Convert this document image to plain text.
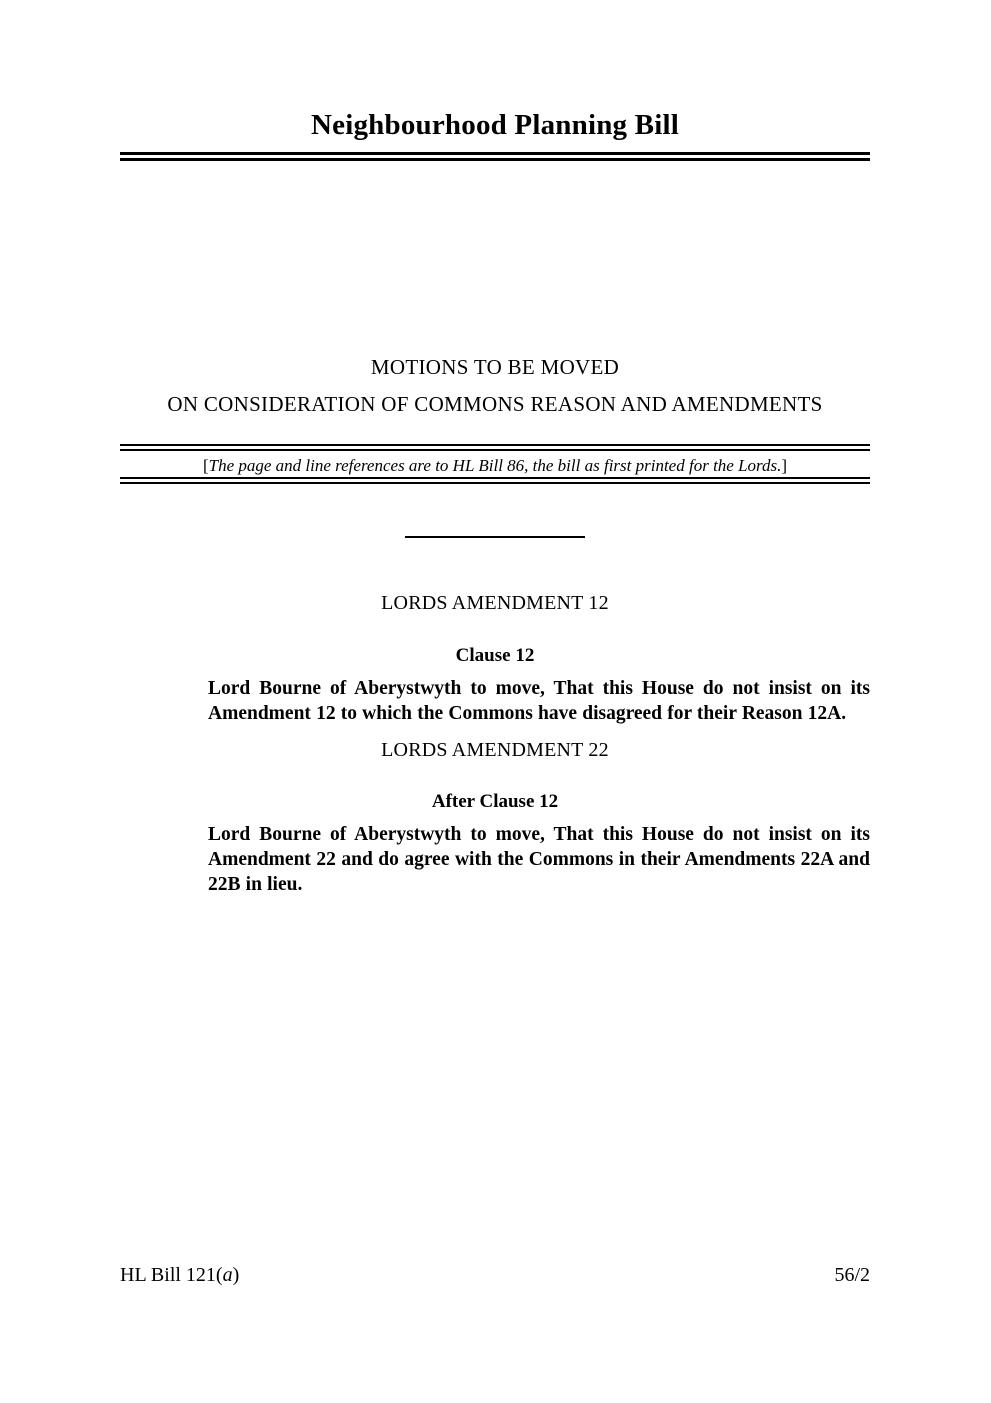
Neighbourhood Planning Bill
MOTIONS TO BE MOVED
ON CONSIDERATION OF COMMONS REASON AND AMENDMENTS
[The page and line references are to HL Bill 86, the bill as first printed for the Lords.]
LORDS AMENDMENT 12
Clause 12
Lord Bourne of Aberystwyth to move, That this House do not insist on its Amendment 12 to which the Commons have disagreed for their Reason 12A.
LORDS AMENDMENT 22
After Clause 12
Lord Bourne of Aberystwyth to move, That this House do not insist on its Amendment 22 and do agree with the Commons in their Amendments 22A and 22B in lieu.
HL Bill 121(a)	56/2
